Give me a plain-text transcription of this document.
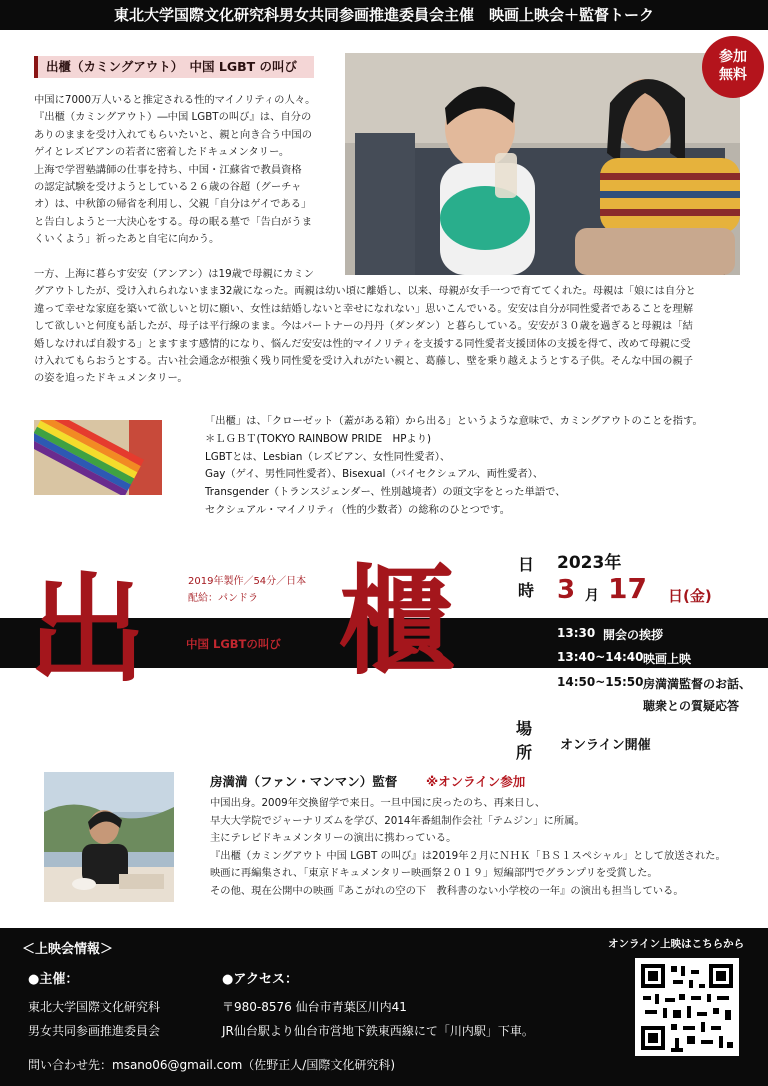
東北大学国際文化研究科男女共同参画推進委員会主催　映画上映会＋監督トーク
出櫃（カミングアウト）　中国 LGBT の叫び
参加
無料
中国に7000万人いると推定される性的マイノリティの人々。
『出櫃（カミングアウト）―中国 LGBTの叫び』は、自分の
ありのままを受け入れてもらいたいと、親と向き合う中国の
ゲイとレズビアンの若者に密着したドキュメンタリー。
上海で学習塾講師の仕事を持ち、中国・江蘇省で教員資格
の認定試験を受けようとしている２６歳の谷超（グーチャ
オ）は、中秋節の帰省を利用し、父親「自分はゲイである」
と告白しようと一大決心をする。母の眠る墓で「告白がうま
くいくよう」祈ったあと自宅に向かう。
一方、上海に暮らす安安（アンアン）は19歳で母親にカミン
グアウトしたが、受け入れられないまま32歳になった。両親は幼い頃に離婚し、以来、母親が女手一つで育ててくれた。母親は「娘には自分と
違って幸せな家庭を築いて欲しいと切に願い、女性は結婚しないと幸せになれない」思いこんでいる。安安は自分が同性愛者であることを理解
して欲しいと何度も話したが、母子は平行線のまま。今はパートナーの丹丹（ダンダン）と暮らしている。安安が３０歳を過ぎると母親は「結
婚しなければ自殺する」とますます感情的になり、悩んだ安安は性的マイノリティを支援する同性愛者支援団体の支援を得て、改めて母親に受
け入れてもらおうとする。古い社会通念が根強く残り同性愛を受け入れがたい親と、葛藤し、壁を乗り越えようとする子供。そんな中国の親子
の姿を追ったドキュメンタリー。
「出櫃」は、「クローゼット（蓋がある箱）から出る」というような意味で、カミングアウトのことを指す。
＊ＬＧＢＴ(TOKYO RAINBOW PRIDE　HPより)
LGBTとは、Lesbian（レズビアン、女性同性愛者）、
Gay（ゲイ、男性同性愛者）、Bisexual（バイセクシュアル、両性愛者）、
Transgender（トランスジェンダー、性別越境者）の頭文字をとった単語で、
セクシュアル・マイノリティ（性的少数者）の総称のひとつです。
2019年製作／54分／日本
配給：パンドラ
出 櫃
中国 LGBTの叫び
日
時
2023年
3 月 17 日(金)
13:30 開会の挨拶
13:40~14:40 映画上映
14:50~15:50 房満満監督のお話、
聴衆との質疑応答
場
所 オンライン開催
房満満（ファン・マンマン）監督 ※オンライン参加
中国出身。2009年交換留学で来日。一旦中国に戻ったのち、再来日し、
早大大学院でジャーナリズムを学び、2014年番組制作会社「テムジン」に所属。
主にテレビドキュメンタリーの演出に携わっている。
『出櫃（カミングアウト 中国 LGBT の叫び』は2019年２月にＮＨＫ「ＢＳ１スペシャル」として放送された。
映画に再編集され、「東京ドキュメンタリー映画祭２０１９」短編部門でグランプリを受賞した。
その他、現在公開中の映画『あこがれの空の下　教科書のない小学校の一年』の演出も担当している。
＜上映会情報＞
●主催：
東北大学国際文化研究科
男女共同参画推進委員会
●アクセス：
〒980-8576 仙台市青葉区川内41
JR仙台駅より仙台市営地下鉄東西線にて「川内駅」下車。
問い合わせ先：msano06@gmail.com（佐野正人/国際文化研究科)
オンライン上映はこちらから
